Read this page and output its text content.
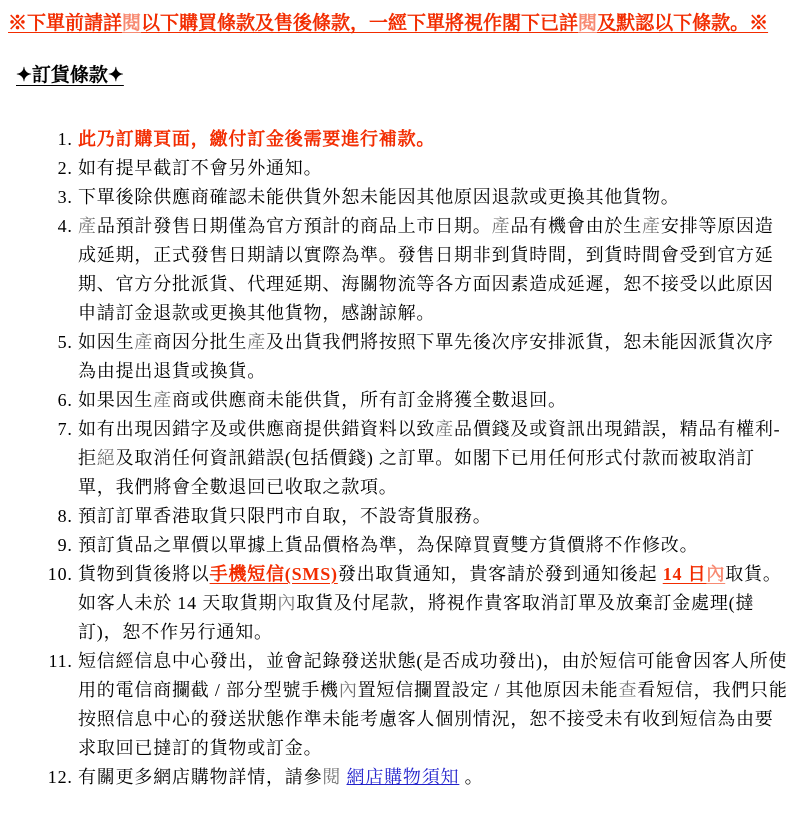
※下單前請詳閱以下購買條款及售後條款，一經下單將視作閣下已詳閱及默認以下條款。※

✦訂貨條款✦

1. 此乃訂購頁面，繳付訂金後需要進行補款。
2. 如有提早截訂不會另外通知。
3. 下單後除供應商確認未能供貨外恕未能因其他原因退款或更換其他貨物。
4. 產品預計發售日期僅為官方預計的商品上市日期。產品有機會由於生產安排等原因造成延期，正式發售日期請以實際為準。發售日期非到貨時間，到貨時間會受到官方延期、官方分批派貨、代理延期、海關物流等各方面因素造成延遲，恕不接受以此原因申請訂金退款或更換其他貨物，感謝諒解。
5. 如因生產商因分批生產及出貨我們將按照下單先後次序安排派貨，恕未能因派貨次序為由提出退貨或換貨。
6. 如果因生產商或供應商未能供貨，所有訂金將獲全數退回。
7. 如有出現因錯字及或供應商提供錯資料以致產品價錢及或資訊出現錯誤，精品有權利-拒絕及取消任何資訊錯誤(包括價錢) 之訂單。如閣下已用任何形式付款而被取消訂單，我們將會全數退回已收取之款項。
8. 預訂訂單香港取貨只限門市自取，不設寄貨服務。
9. 預訂貨品之單價以單據上貨品價格為準，為保障買賣雙方貨價將不作修改。
10. 貨物到貨後將以手機短信(SMS)發出取貨通知，貴客請於發到通知後起 14 日內取貨。如客人未於 14 天取貨期內取貨及付尾款，將視作貴客取消訂單及放棄訂金處理(撻訂)，恕不作另行通知。
11. 短信經信息中心發出，並會記錄發送狀態(是否成功發出)，由於短信可能會因客人所使用的電信商攔截 / 部分型號手機內置短信攔置設定 / 其他原因未能查看短信，我們只能按照信息中心的發送狀態作準未能考慮客人個別情況，恕不接受未有收到短信為由要求取回已撻訂的貨物或訂金。
12. 有關更多網店購物詳情，請參閱 網店購物須知 。
